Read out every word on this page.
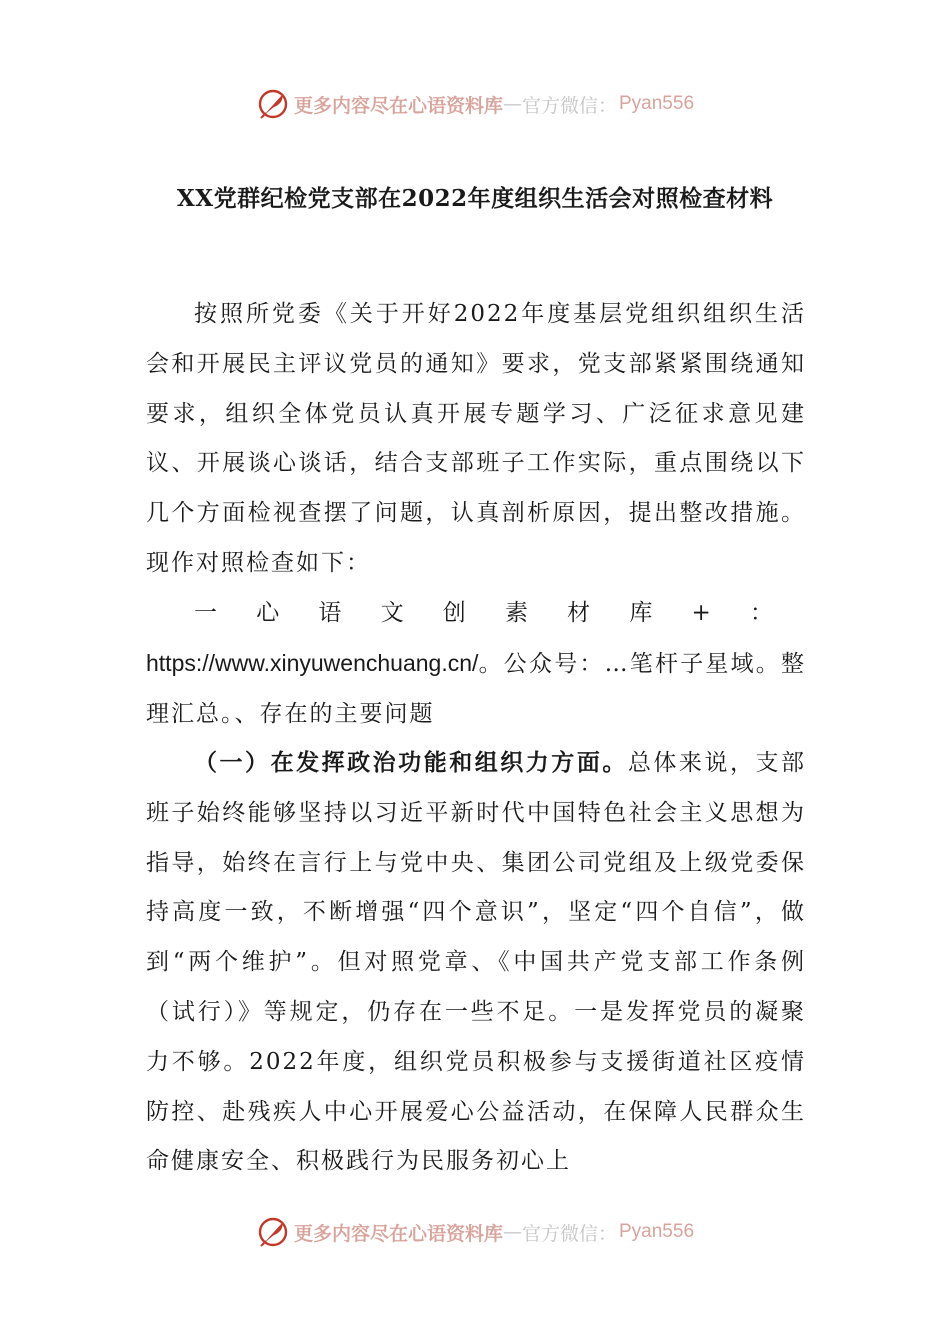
更多内容尽在心语资料库 — 官方微信： Pyan556
XX党群纪检党支部在2022年度组织生活会对照检查材料
按照所党委《关于开好2022年度基层党组织组织生活会和开展民主评议党员的通知》要求，党支部紧紧围绕通知要求，组织全体党员认真开展专题学习、广泛征求意见建议、开展谈心谈话，结合支部班子工作实际，重点围绕以下几个方面检视查摆了问题，认真剖析原因，提出整改措施。现作对照检查如下：
一心语文创素材库+：https://www.xinyuwenchuang.cn/。公众号：…笔杆子星域。整理汇总。、存在的主要问题
（一）在发挥政治功能和组织力方面。总体来说，支部班子始终能够坚持以习近平新时代中国特色社会主义思想为指导，始终在言行上与党中央、集团公司党组及上级党委保持高度一致，不断增强“四个意识”，坚定“四个自信”，做到“两个维护”。但对照党章、《中国共产党支部工作条例（试行）》等规定，仍存在一些不足。一是发挥党员的凝聚力不够。2022年度，组织党员积极参与支援街道社区疫情防控、赴残疾人中心开展爱心公益活动，在保障人民群众生命健康安全、积极践行为民服务初心上
更多内容尽在心语资料库 — 官方微信： Pyan556
